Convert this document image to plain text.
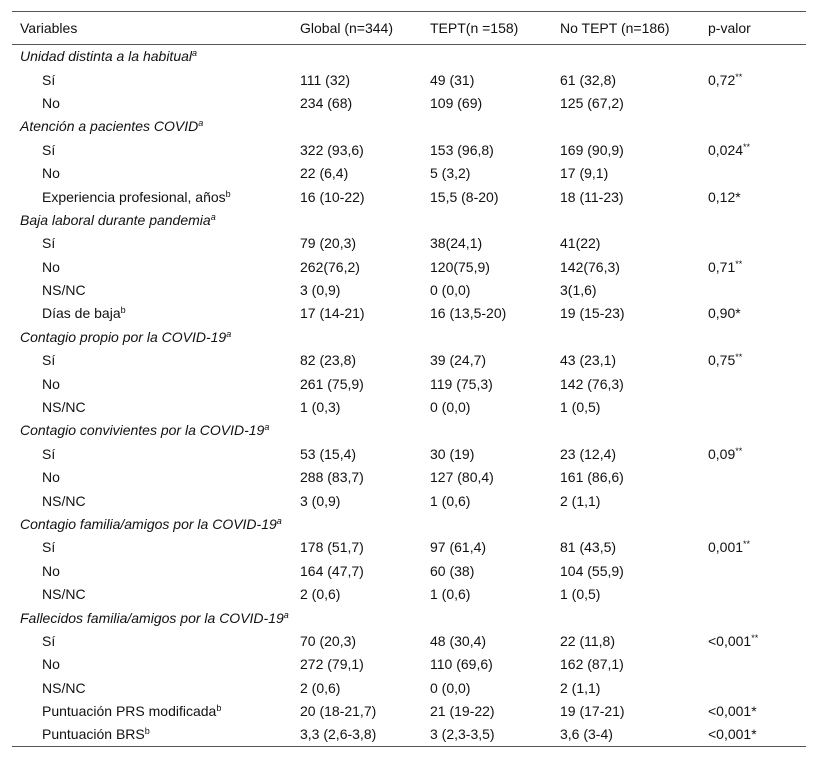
Variables	Global (n=344)	TEPT(n =158)	No TEPT (n=186)	p-valor
Unidad distinta a la habitual$^a$
Sí	111 (32)	49 (31)	61 (32,8)	0,72**
No	234 (68)	109 (69)	125 (67,2)	
Atención a pacientes COVID$^a$
Sí	322 (93,6)	153 (96,8)	169 (90,9)	0,024**
No	22 (6,4)	5 (3,2)	17 (9,1)	
Experiencia profesional, años$^b$	16 (10-22)	15,5 (8-20)	18 (11-23)	0,12*
Baja laboral durante pandemia$^a$
Sí	79 (20,3)	38(24,1)	41(22)	
No	262(76,2)	120(75,9)	142(76,3)	0,71**
NS/NC	3 (0,9)	0 (0,0)	3(1,6)	
Días de baja$^b$	17 (14-21)	16 (13,5-20)	19 (15-23)	0,90*
Contagio propio por la COVID-19$^a$
Sí	82 (23,8)	39 (24,7)	43 (23,1)	0,75**
No	261 (75,9)	119 (75,3)	142 (76,3)	
NS/NC	1 (0,3)	0 (0,0)	1 (0,5)	
Contagio convivientes por la COVID-19$^a$
Sí	53 (15,4)	30 (19)	23 (12,4)	0,09**
No	288 (83,7)	127 (80,4)	161 (86,6)	
NS/NC	3 (0,9)	1 (0,6)	2 (1,1)	
Contagio familia/amigos por la COVID-19$^a$
Sí	178 (51,7)	97 (61,4)	81 (43,5)	0,001**
No	164 (47,7)	60 (38)	104 (55,9)	
NS/NC	2 (0,6)	1 (0,6)	1 (0,5)	
Fallecidos familia/amigos por la COVID-19$^a$
Sí	70 (20,3)	48 (30,4)	22 (11,8)	<0,001**
No	272 (79,1)	110 (69,6)	162 (87,1)	
NS/NC	2 (0,6)	0 (0,0)	2 (1,1)	
Puntuación PRS modificada$^b$	20 (18-21,7)	21 (19-22)	19 (17-21)	<0,001*
Puntuación BRS$^b$	3,3 (2,6-3,8)	3 (2,3-3,5)	3,6 (3-4)	<0,001*
